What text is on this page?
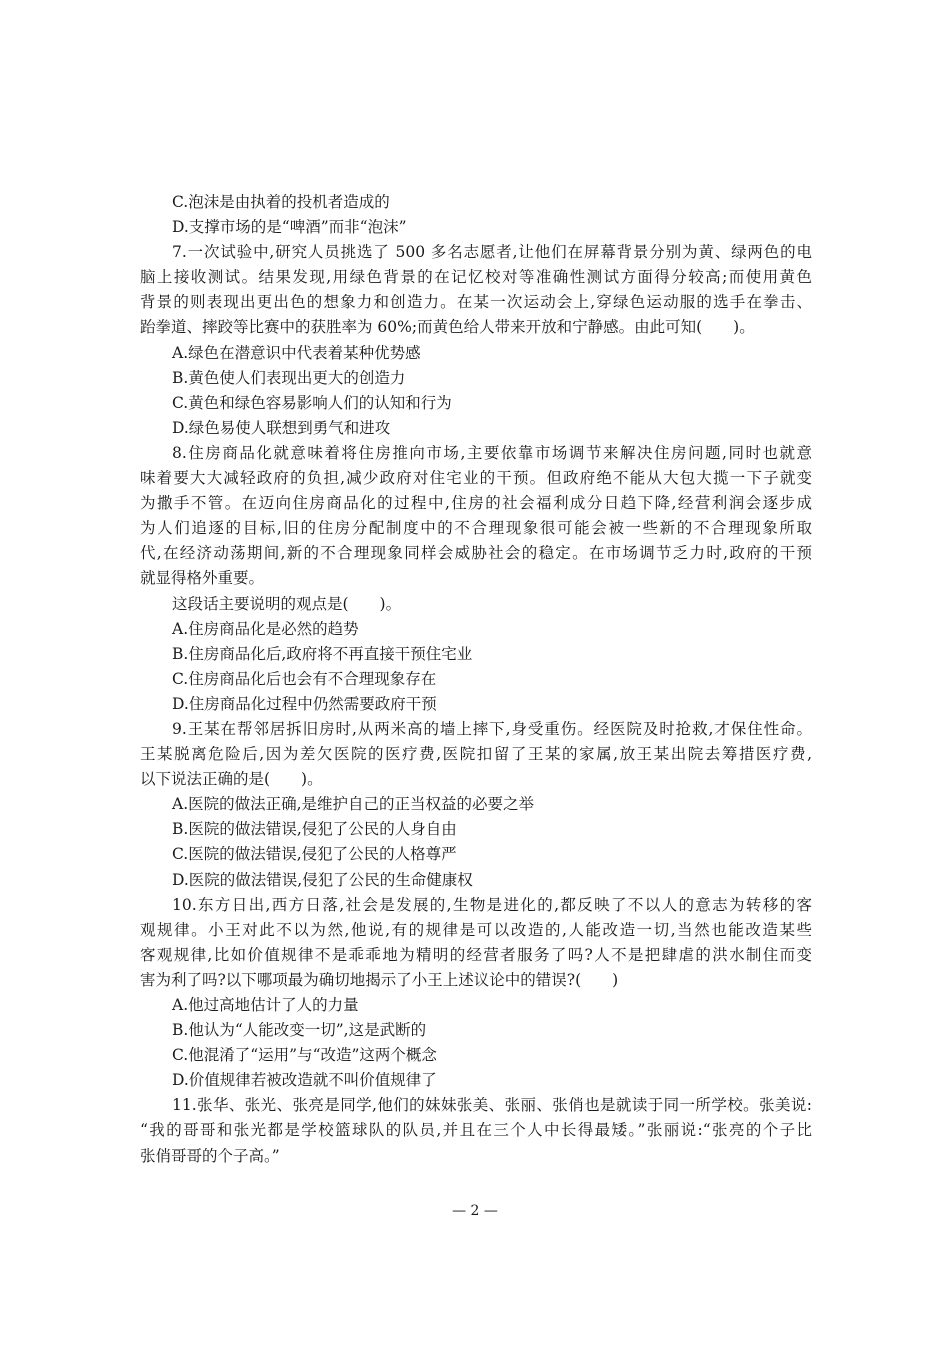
C.泡沫是由执着的投机者造成的
D.支撑市场的是“啤酒”而非“泡沫”
7.一次试验中,研究人员挑选了 500 多名志愿者,让他们在屏幕背景分别为黄、绿两色的电
脑上接收测试。结果发现,用绿色背景的在记忆校对等准确性测试方面得分较高;而使用黄色
背景的则表现出更出色的想象力和创造力。在某一次运动会上,穿绿色运动服的选手在拳击、
跆拳道、摔跤等比赛中的获胜率为 60%;而黄色给人带来开放和宁静感。由此可知(　　)。
A.绿色在潜意识中代表着某种优势感
B.黄色使人们表现出更大的创造力
C.黄色和绿色容易影响人们的认知和行为
D.绿色易使人联想到勇气和进攻
8.住房商品化就意味着将住房推向市场,主要依靠市场调节来解决住房问题,同时也就意
味着要大大减轻政府的负担,减少政府对住宅业的干预。但政府绝不能从大包大揽一下子就变
为撒手不管。在迈向住房商品化的过程中,住房的社会福利成分日趋下降,经营利润会逐步成
为人们追逐的目标,旧的住房分配制度中的不合理现象很可能会被一些新的不合理现象所取
代,在经济动荡期间,新的不合理现象同样会威胁社会的稳定。在市场调节乏力时,政府的干预
就显得格外重要。
这段话主要说明的观点是(　　)。
A.住房商品化是必然的趋势
B.住房商品化后,政府将不再直接干预住宅业
C.住房商品化后也会有不合理现象存在
D.住房商品化过程中仍然需要政府干预
9.王某在帮邻居拆旧房时,从两米高的墙上摔下,身受重伤。经医院及时抢救,才保住性命。
王某脱离危险后,因为差欠医院的医疗费,医院扣留了王某的家属,放王某出院去筹措医疗费,
以下说法正确的是(　　)。
A.医院的做法正确,是维护自己的正当权益的必要之举
B.医院的做法错误,侵犯了公民的人身自由
C.医院的做法错误,侵犯了公民的人格尊严
D.医院的做法错误,侵犯了公民的生命健康权
10.东方日出,西方日落,社会是发展的,生物是进化的,都反映了不以人的意志为转移的客
观规律。小王对此不以为然,他说,有的规律是可以改造的,人能改造一切,当然也能改造某些
客观规律,比如价值规律不是乖乖地为精明的经营者服务了吗?人不是把肆虐的洪水制住而变
害为利了吗?以下哪项最为确切地揭示了小王上述议论中的错误?(　　)
A.他过高地估计了人的力量
B.他认为“人能改变一切”,这是武断的
C.他混淆了“运用”与“改造”这两个概念
D.价值规律若被改造就不叫价值规律了
11.张华、张光、张亮是同学,他们的妹妹张美、张丽、张俏也是就读于同一所学校。张美说:
“我的哥哥和张光都是学校篮球队的队员,并且在三个人中长得最矮。”张丽说:“张亮的个子比
张俏哥哥的个子高。”
— 2 —
